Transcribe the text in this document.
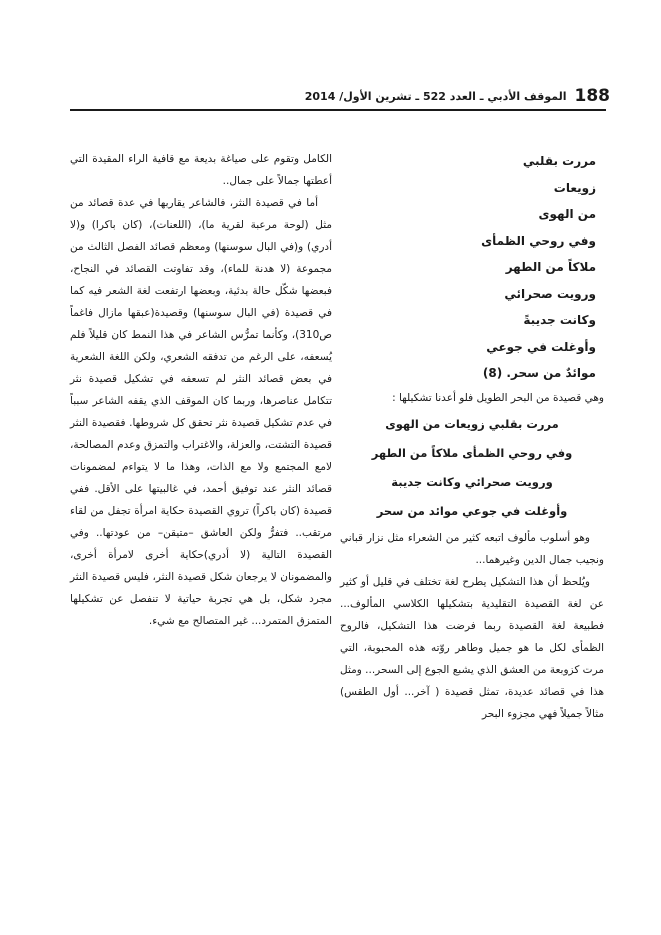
188
الموقف الأدبي ـ العدد 522 ـ تشرين الأول/ 2014
مررت بقلبي
زويعات
من الهوى
وفي روحي الظمأى
ملاكاً من الطهر
ورويت صحرائي
وكانت جديبةً
وأوغلت في جوعي
موائدٌ من سحر. (8)

وهي قصيدة من البحر الطويل فلو أعدنا تشكيلها :

مررت بقلبي زويعات من الهوى
وفي روحي الظمأى ملاكاً من الطهر
ورويت صحرائي وكانت جديبة
وأوغلت في جوعي موائد من سحر

وهو أسلوب مألوف اتبعه كثير من الشعراء مثل نزار قباني ونجيب جمال الدين وغيرهما...

ويُلحظ أن هذا التشكيل يطرح لغة تختلف في قليل أو كثير عن لغة القصيدة التقليدية بتشكيلها الكلاسي المألوف... فطبيعة لغة القصيدة ربما فرضت هذا التشكيل، فالروح الظمأى لكل ما هو جميل وطاهر روّته هذه المحبوبة، التي مرت كزوبعة من العشق الذي يشبع الجوع إلى السحر... ومثل هذا في قصائد عديدة، تمثل قصيدة ( آخر... أول الطقس) مثالاً جميلاً فهي مجزوء البحر

الكامل وتقوم على صياغة بديعة مع قافية الراء المقيدة التي أعطتها جمالاً على جمال..

أما في قصيدة النثر، فالشاعر يقاربها في عدة قصائد من مثل (لوحة مرعبة لقرية ما)، (اللعنات)، (كان باكرا) و(لا أدري) و(في البال سوسنها) ومعظم قصائد الفصل الثالث من مجموعة (لا هدنة للماء)، وقد تفاوتت القصائد في النجاح، فبعضها شكّل حالة بدئية، وبعضها ارتفعت لغة الشعر فيه كما في قصيدة (في البال سوسنها) وقصيدة(عبقها مازال فاغماً ص310)، وكأنما تمرُّس الشاعر في هذا النمط كان قليلاً فلم يُسعفه، على الرغم من تدفقه الشعري، ولكن اللغة الشعرية في بعض قصائد النثر لم تسعفه في تشكيل قصيدة نثر تتكامل عناصرها، وربما كان الموقف الذي يقفه الشاعر سبباً في عدم تشكيل قصيدة نثر تحقق كل شروطها. فقصيدة النثر قصيدة التشتت، والعزلة، والاغتراب والتمزق وعدم المصالحة، لامع المجتمع ولا مع الذات، وهذا ما لا يتواءم لمضمونات قصائد النثر عند توفيق أحمد، في غالبيتها على الأقل. ففي قصيدة (كان باكراً) تروي القصيدة حكاية امرأة تجفل من لقاء مرتقب.. فتفرُّ ولكن العاشق –متيقن– من عودتها.. وفي القصيدة التالية (لا أدري)حكاية أخرى لامرأة أخرى، والمضمونان لا يرجعان شكل قصيدة النثر، فليس قصيدة النثر مجرد شكل، بل هي تجربة حياتية لا تنفصل عن تشكيلها المتمزق المتمرد... غير المتصالح مع شيء.
